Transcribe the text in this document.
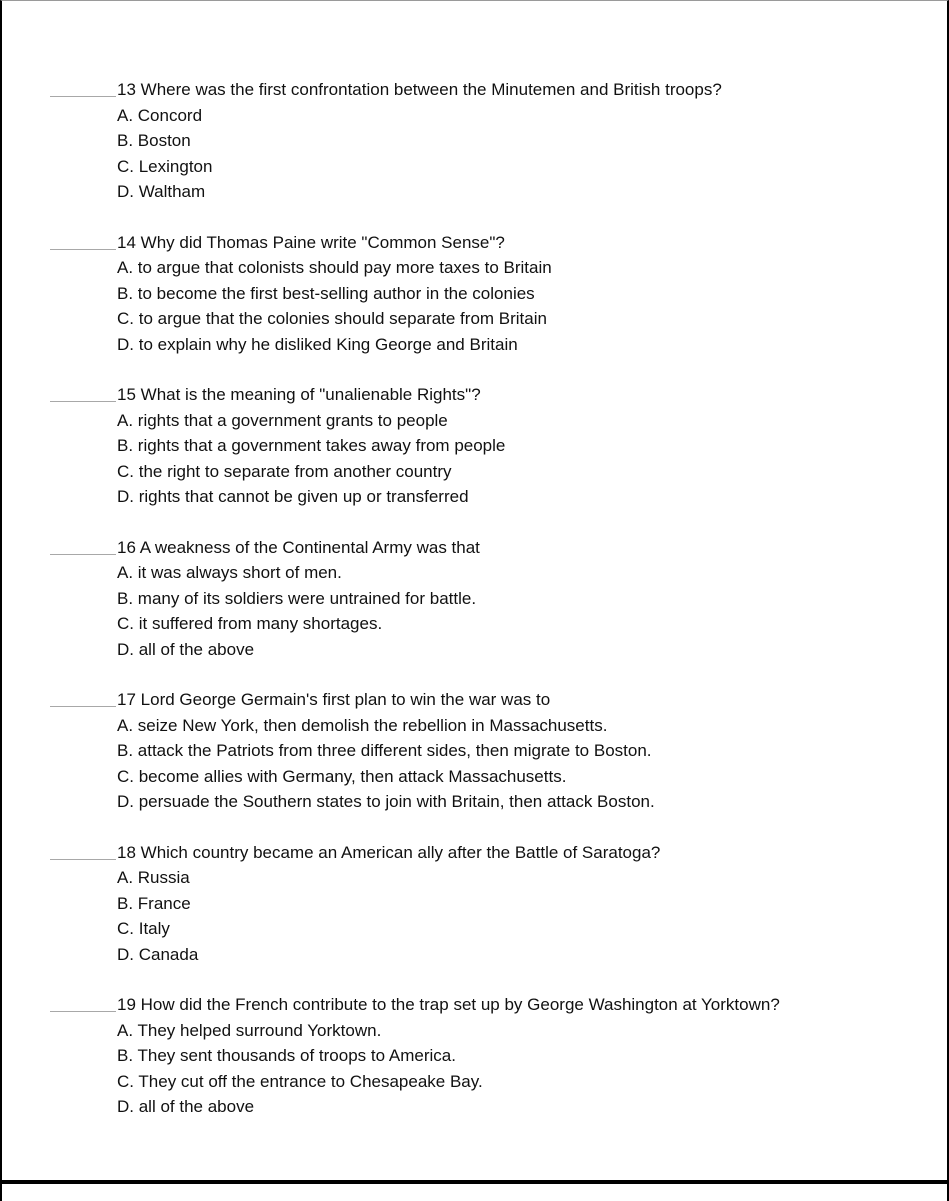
13 Where was the first confrontation between the Minutemen and British troops?

A. Concord
B. Boston
C. Lexington
D. Waltham

14 Why did Thomas Paine write "Common Sense"?

A. to argue that colonists should pay more taxes to Britain
B. to become the first best-selling author in the colonies
C. to argue that the colonies should separate from Britain
D. to explain why he disliked King George and Britain

15 What is the meaning of "unalienable Rights"?

A. rights that a government grants to people
B. rights that a government takes away from people
C. the right to separate from another country
D. rights that cannot be given up or transferred

16 A weakness of the Continental Army was that

A. it was always short of men.
B. many of its soldiers were untrained for battle.
C. it suffered from many shortages.
D. all of the above

17 Lord George Germain's first plan to win the war was to

A. seize New York, then demolish the rebellion in Massachusetts.
B. attack the Patriots from three different sides, then migrate to Boston.
C. become allies with Germany, then attack Massachusetts.
D. persuade the Southern states to join with Britain, then attack Boston.

18 Which country became an American ally after the Battle of Saratoga?

A. Russia
B. France
C. Italy
D. Canada

19 How did the French contribute to the trap set up by George Washington at Yorktown?

A. They helped surround Yorktown.
B. They sent thousands of troops to America.
C. They cut off the entrance to Chesapeake Bay.
D. all of the above
